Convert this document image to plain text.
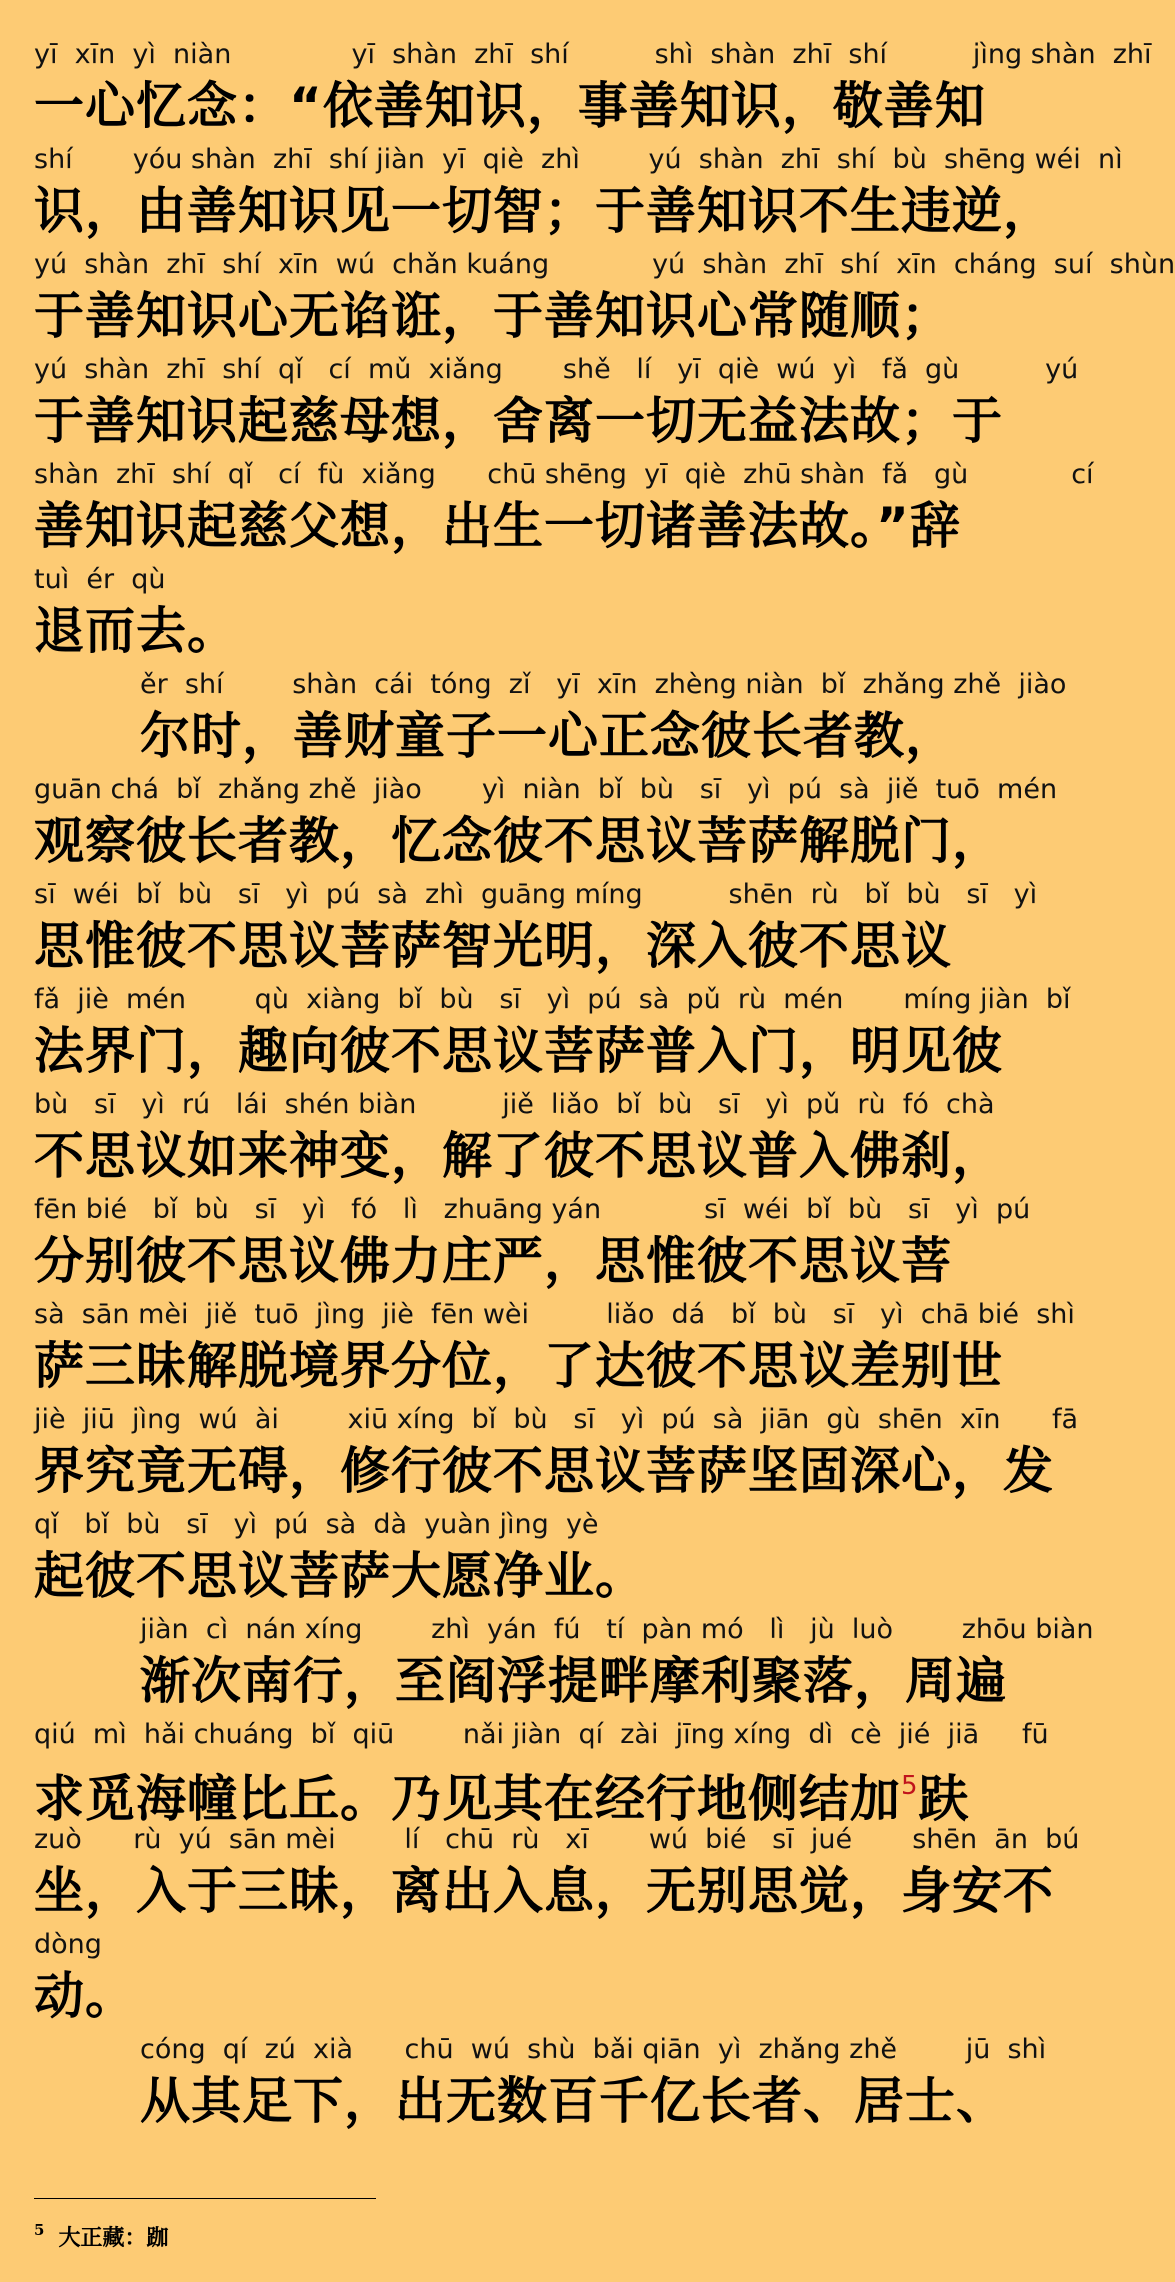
yī  xīn  yì  niàn              yī  shàn  zhī  shí          shì  shàn  zhī  shí          jìng shàn  zhī
一心忆念：“依善知识，事善知识，敬善知
shí       yóu shàn  zhī  shí jiàn  yī  qiè  zhì        yú  shàn  zhī  shí  bù  shēng wéi  nì
识，由善知识见一切智；于善知识不生违逆，
yú  shàn  zhī  shí  xīn  wú  chǎn kuáng            yú  shàn  zhī  shí  xīn  cháng  suí  shùn
于善知识心无谄诳，于善知识心常随顺；
yú  shàn  zhī  shí  qǐ   cí  mǔ  xiǎng       shě   lí   yī  qiè  wú  yì   fǎ  gù          yú
于善知识起慈母想，舍离一切无益法故；于
shàn  zhī  shí  qǐ   cí  fù  xiǎng      chū shēng  yī  qiè  zhū shàn  fǎ   gù            cí
善知识起慈父想，出生一切诸善法故。”辞
tuì  ér  qù
退而去。
ěr  shí        shàn  cái  tóng  zǐ   yī  xīn  zhèng niàn  bǐ  zhǎng zhě  jiào
尔时，善财童子一心正念彼长者教，
guān chá  bǐ  zhǎng zhě  jiào       yì  niàn  bǐ  bù   sī   yì  pú  sà  jiě  tuō  mén
观察彼长者教，忆念彼不思议菩萨解脱门，
sī  wéi  bǐ  bù   sī   yì  pú  sà  zhì  guāng míng          shēn  rù   bǐ  bù   sī   yì
思惟彼不思议菩萨智光明，深入彼不思议
fǎ  jiè  mén        qù  xiàng  bǐ  bù   sī   yì  pú  sà  pǔ  rù  mén       míng jiàn  bǐ
法界门，趣向彼不思议菩萨普入门，明见彼
bù   sī   yì  rú   lái  shén biàn          jiě  liǎo  bǐ  bù   sī   yì  pǔ  rù  fó  chà
不思议如来神变，解了彼不思议普入佛刹，
fēn bié   bǐ  bù   sī   yì   fó   lì   zhuāng yán            sī  wéi  bǐ  bù   sī   yì  pú
分别彼不思议佛力庄严，思惟彼不思议菩
sà  sān mèi  jiě  tuō  jìng  jiè  fēn wèi         liǎo  dá   bǐ  bù   sī   yì  chā bié  shì
萨三昧解脱境界分位，了达彼不思议差别世
jiè  jiū  jìng  wú  ài        xiū xíng  bǐ  bù   sī   yì  pú  sà  jiān  gù  shēn  xīn      fā
界究竟无碍，修行彼不思议菩萨坚固深心，发
qǐ   bǐ  bù   sī   yì  pú  sà  dà  yuàn jìng  yè
起彼不思议菩萨大愿净业。
jiàn  cì  nán xíng        zhì  yán  fú   tí  pàn mó   lì   jù  luò        zhōu biàn
渐次南行，至阎浮提畔摩利聚落，周遍
qiú  mì  hǎi chuáng  bǐ  qiū        nǎi jiàn  qí  zài  jīng xíng  dì  cè  jié  jiā     fū
求觅海幢比丘。乃见其在经行地侧结加$^5$趺
zuò      rù  yú  sān mèi        lí   chū  rù   xī       wú  bié   sī  jué       shēn  ān  bú
坐，入于三昧，离出入息，无别思觉，身安不
dòng
动。
cóng  qí  zú  xià      chū  wú  shù  bǎi qiān  yì  zhǎng zhě        jū  shì
从其足下，出无数百千亿长者、居士、
$^5$ 大正藏：跏
